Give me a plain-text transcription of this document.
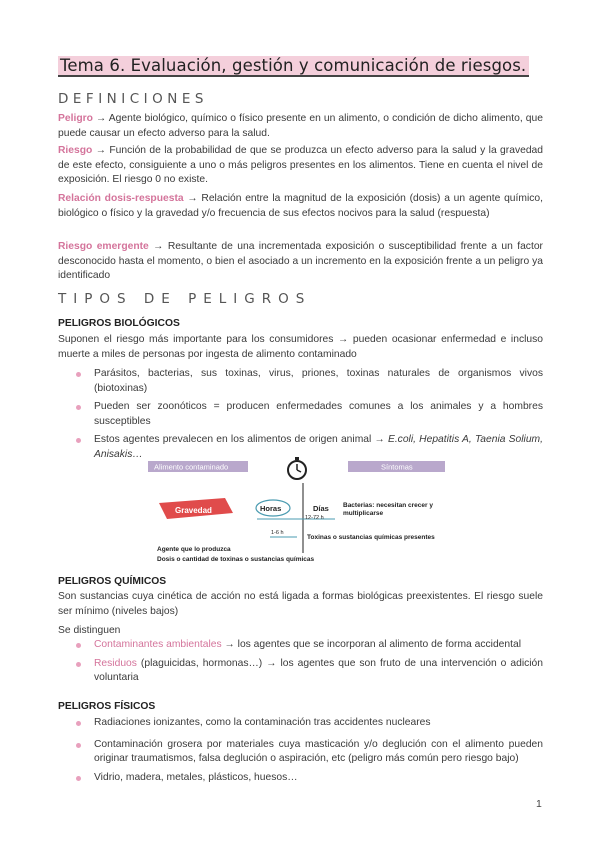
Tema 6. Evaluación, gestión y comunicación de riesgos.
DEFINICIONES
Peligro → Agente biológico, químico o físico presente en un alimento, o condición de dicho alimento, que puede causar un efecto adverso para la salud.
Riesgo → Función de la probabilidad de que se produzca un efecto adverso para la salud y la gravedad de este efecto, consiguiente a uno o más peligros presentes en los alimentos. Tiene en cuenta el nivel de exposición. El riesgo 0 no existe.
Relación dosis-respuesta → Relación entre la magnitud de la exposición (dosis) a un agente químico, biológico o físico y la gravedad y/o frecuencia de sus efectos nocivos para la salud (respuesta)
Riesgo emergente → Resultante de una incrementada exposición o susceptibilidad frente a un factor desconocido hasta el momento, o bien el asociado a un incremento en la exposición frente a un peligro ya identificado
TIPOS DE PELIGROS
PELIGROS BIOLÓGICOS
Suponen el riesgo más importante para los consumidores → pueden ocasionar enfermedad e incluso muerte a miles de personas por ingesta de alimento contaminado
Parásitos, bacterias, sus toxinas, virus, priones, toxinas naturales de organismos vivos (biotoxinas)
Pueden ser zoonóticos = producen enfermedades comunes a los animales y a hombres susceptibles
Estos agentes prevalecen en los alimentos de origen animal → E.coli, Hepatitis A, Taenia Solium, Anisakis…
Alimento contaminado	Síntomas
Gravedad	Horas	Días
12-72 h
1-6 h
Bacterias: necesitan crecer y multiplicarse
Toxinas o sustancias químicas presentes
Agente que lo produzca
Dosis o cantidad de toxinas o sustancias químicas
PELIGROS QUÍMICOS
Son sustancias cuya cinética de acción no está ligada a formas biológicas preexistentes. El riesgo suele ser mínimo (niveles bajos)
Se distinguen
Contaminantes ambientales → los agentes que se incorporan al alimento de forma accidental
Residuos (plaguicidas, hormonas…) → los agentes que son fruto de una intervención o adición voluntaria
PELIGROS FÍSICOS
Radiaciones ionizantes, como la contaminación tras accidentes nucleares
Contaminación grosera por materiales cuya masticación y/o deglución con el alimento pueden originar traumatismos, falsa deglución o aspiración, etc (peligro más común pero riesgo bajo)
Vidrio, madera, metales, plásticos, huesos…
1
